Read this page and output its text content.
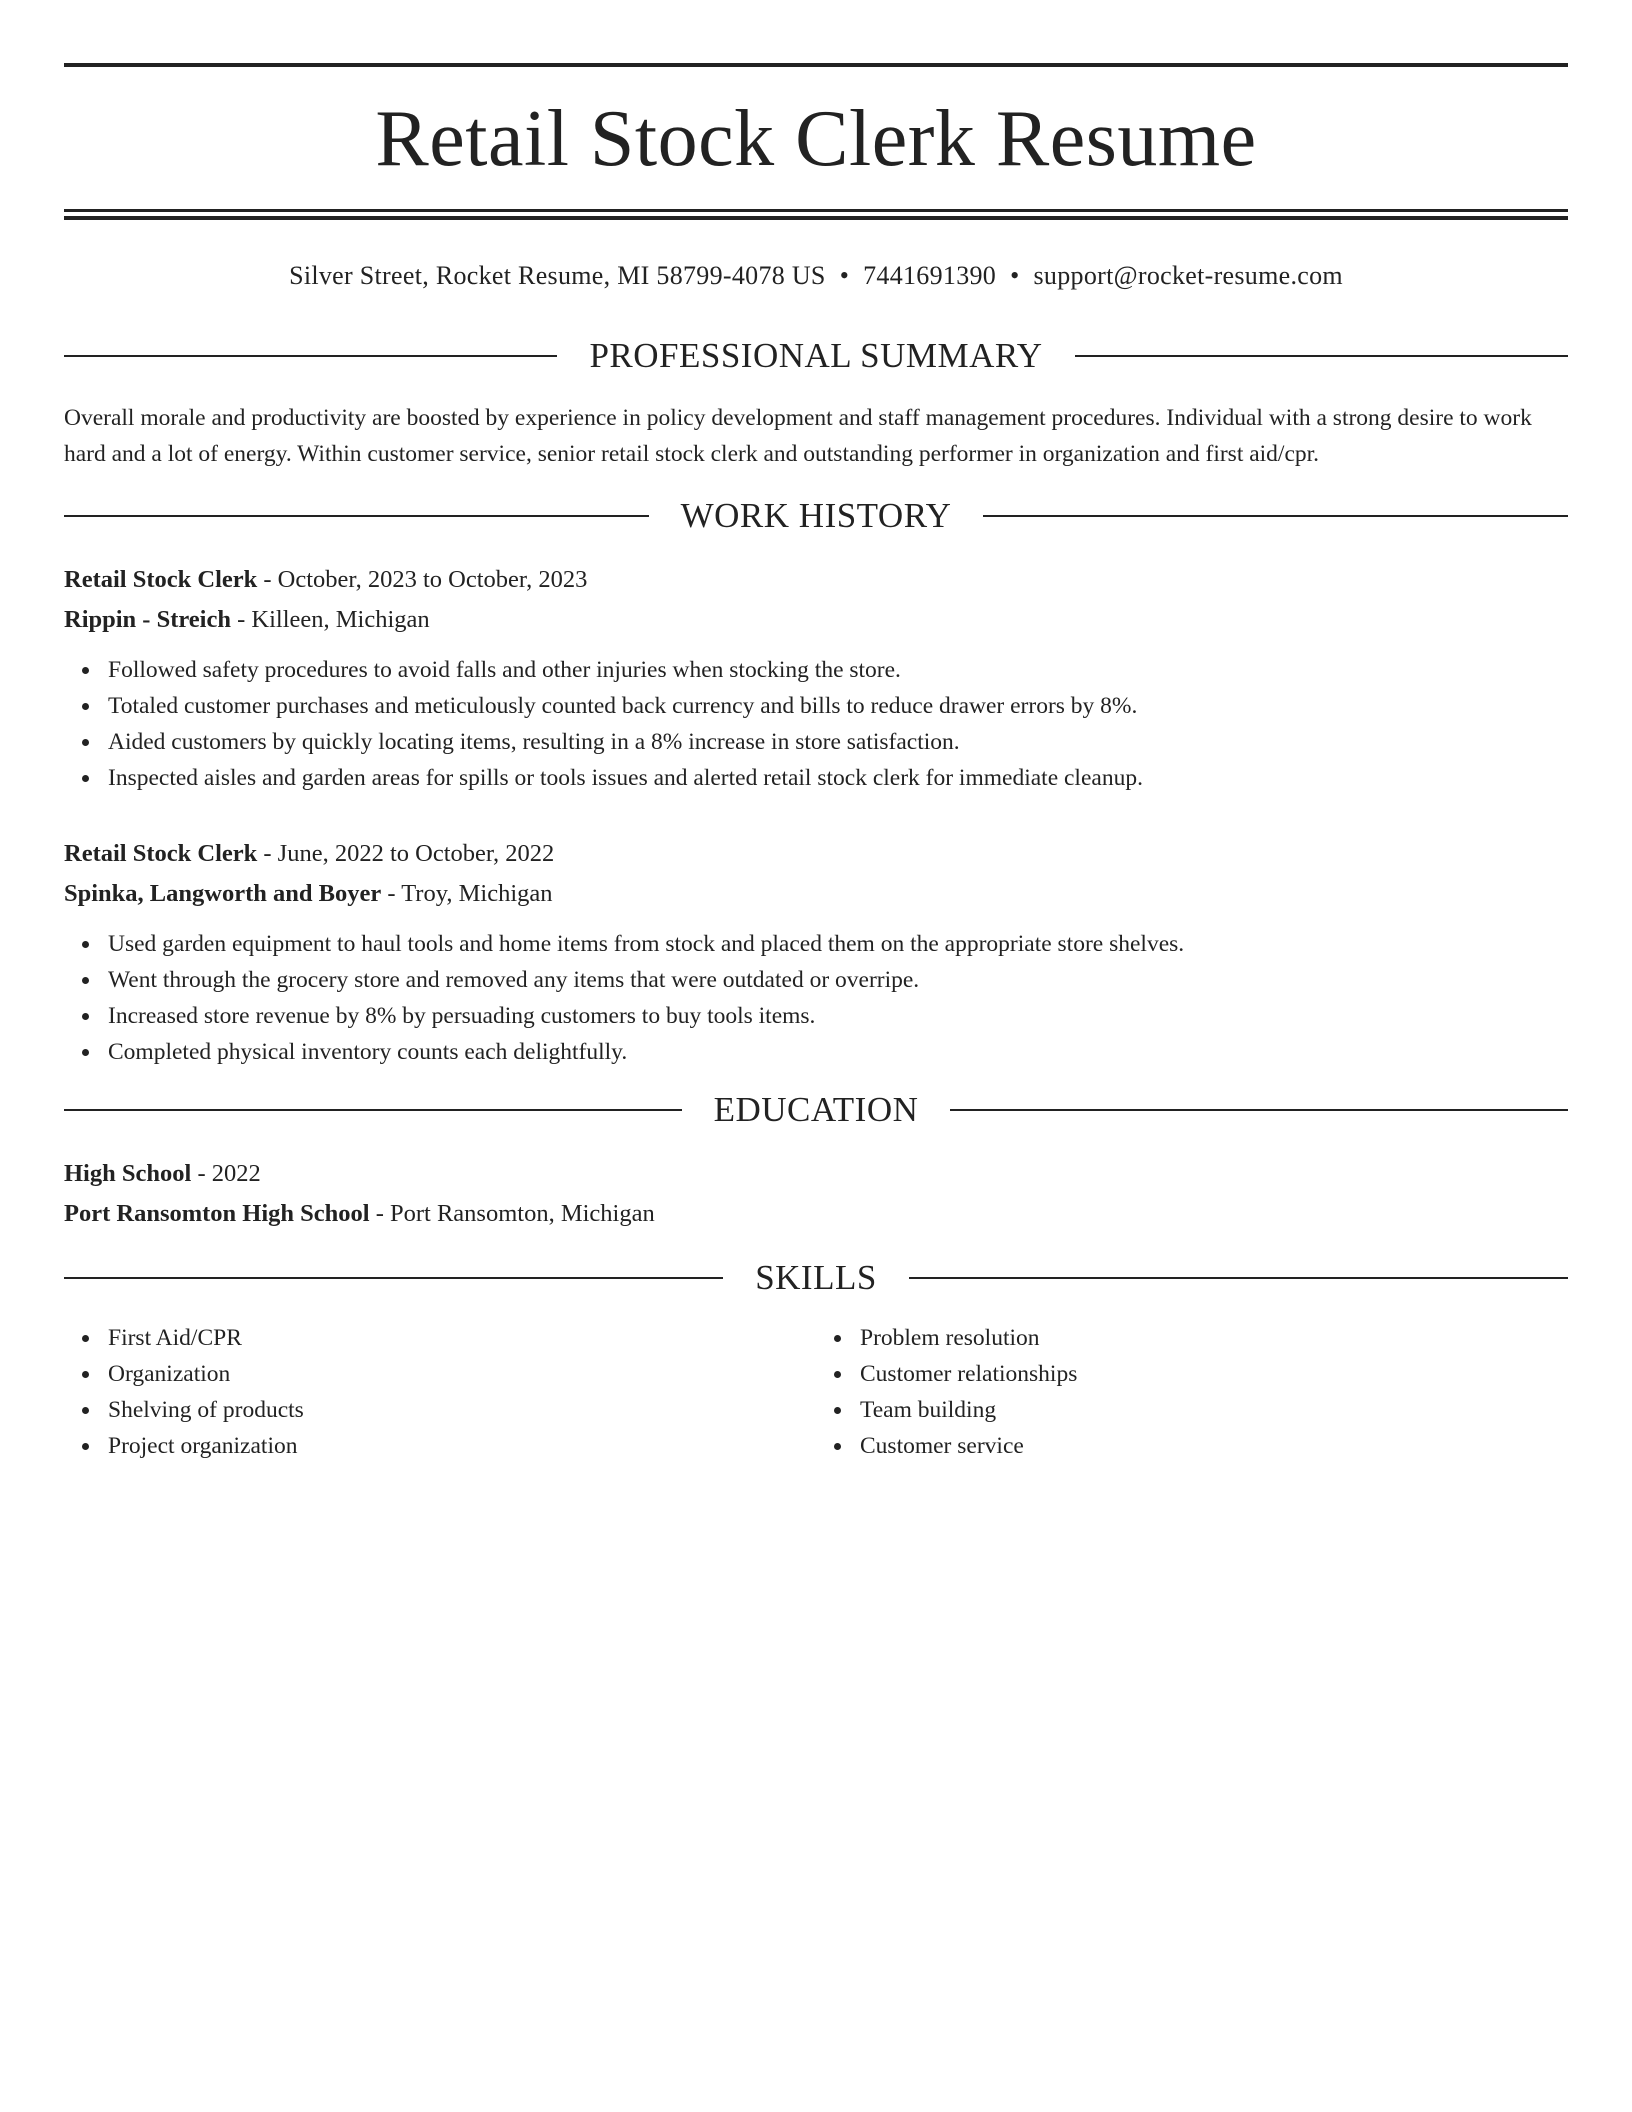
Retail Stock Clerk Resume
Silver Street, Rocket Resume, MI 58799-4078 US • 7441691390 • support@rocket-resume.com
PROFESSIONAL SUMMARY
Overall morale and productivity are boosted by experience in policy development and staff management procedures. Individual with a strong desire to work hard and a lot of energy. Within customer service, senior retail stock clerk and outstanding performer in organization and first aid/cpr.
WORK HISTORY
Retail Stock Clerk - October, 2023 to October, 2023
Rippin - Streich - Killeen, Michigan
Followed safety procedures to avoid falls and other injuries when stocking the store.
Totaled customer purchases and meticulously counted back currency and bills to reduce drawer errors by 8%.
Aided customers by quickly locating items, resulting in a 8% increase in store satisfaction.
Inspected aisles and garden areas for spills or tools issues and alerted retail stock clerk for immediate cleanup.
Retail Stock Clerk - June, 2022 to October, 2022
Spinka, Langworth and Boyer - Troy, Michigan
Used garden equipment to haul tools and home items from stock and placed them on the appropriate store shelves.
Went through the grocery store and removed any items that were outdated or overripe.
Increased store revenue by 8% by persuading customers to buy tools items.
Completed physical inventory counts each delightfully.
EDUCATION
High School - 2022
Port Ransomton High School - Port Ransomton, Michigan
SKILLS
First Aid/CPR
Organization
Shelving of products
Project organization
Problem resolution
Customer relationships
Team building
Customer service
